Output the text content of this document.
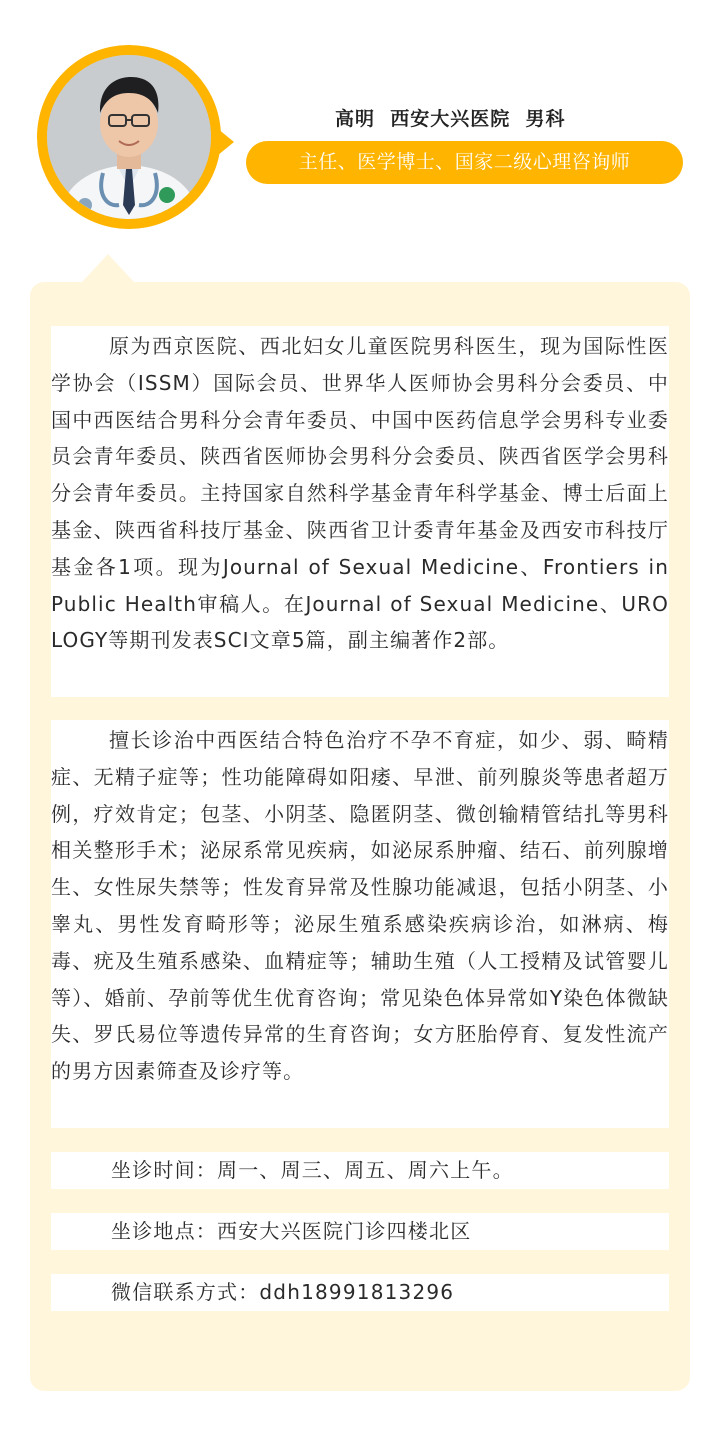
高明  西安大兴医院  男科
主任、医学博士、国家二级心理咨询师

原为西京医院、西北妇女儿童医院男科医生，现为国际性医学协会（ISSM）国际会员、世界华人医师协会男科分会委员、中国中西医结合男科分会青年委员、中国中医药信息学会男科专业委员会青年委员、陕西省医师协会男科分会委员、陕西省医学会男科分会青年委员。主持国家自然科学基金青年科学基金、博士后面上基金、陕西省科技厅基金、陕西省卫计委青年基金及西安市科技厅基金各1项。现为Journal of Sexual Medicine、Frontiers in Public Health审稿人。在Journal of Sexual Medicine、UROLOGY等期刊发表SCI文章5篇，副主编著作2部。

擅长诊治中西医结合特色治疗不孕不育症，如少、弱、畸精症、无精子症等；性功能障碍如阳痿、早泄、前列腺炎等患者超万例，疗效肯定；包茎、小阴茎、隐匿阴茎、微创输精管结扎等男科相关整形手术；泌尿系常见疾病，如泌尿系肿瘤、结石、前列腺增生、女性尿失禁等；性发育异常及性腺功能减退，包括小阴茎、小睾丸、男性发育畸形等；泌尿生殖系感染疾病诊治，如淋病、梅毒、疣及生殖系感染、血精症等；辅助生殖（人工授精及试管婴儿等）、婚前、孕前等优生优育咨询；常见染色体异常如Y染色体微缺失、罗氏易位等遗传异常的生育咨询；女方胚胎停育、复发性流产的男方因素筛查及诊疗等。

坐诊时间：周一、周三、周五、周六上午。
坐诊地点：西安大兴医院门诊四楼北区
微信联系方式：ddh18991813296
